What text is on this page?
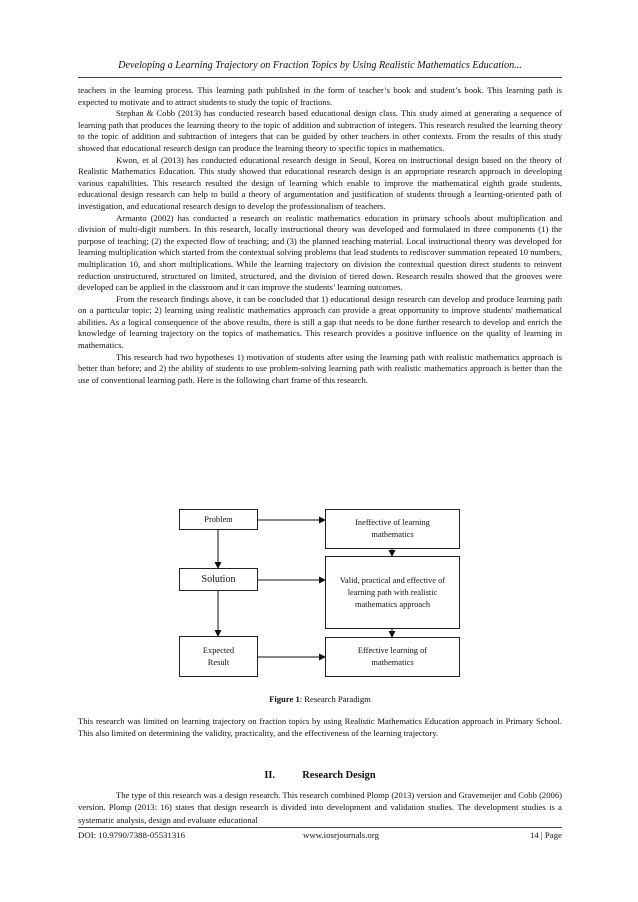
Developing a Learning Trajectory on Fraction Topics by Using Realistic Mathematics Education...

teachers in the learning process. This learning path published in the form of teacher’s book and student’s book. This learning path is expected to motivate and to attract students to study the topic of fractions.

Stephan & Cobb (2013) has conducted research based educational design class. This study aimed at generating a sequence of learning path that produces the learning theory to the topic of addition and subtraction of integers. This research resulted the learning theory to the topic of addition and subtraction of integers that can be guided by other teachers in other contexts. From the results of this study showed that educational research design can produce the learning theory to specific topics in mathematics.

Kwon, et al (2013) has conducted educational research design in Seoul, Korea on instructional design based on the theory of Realistic Mathematics Education. This study showed that educational research design is an appropriate research approach in developing various capabilities. This research resulted the design of learning which enable to improve the mathematical eighth grade students, educational design research can help to build a theory of argumentation and justification of students through a learning-oriented path of investigation, and educational research design to develop the professionalism of teachers.

Armanto (2002) has conducted a research on realistic mathematics education in primary schools about multiplication and division of multi-digit numbers. In this research, locally instructional theory was developed and formulated in three components (1) the purpose of teaching; (2) the expected flow of teaching; and (3) the planned teaching material. Local instructional theory was developed for learning multiplication which started from the contextual solving problems that lead students to rediscover summation repeated 10 numbers, multiplication 10, and short multiplications. While the learning trajectory on division the contextual question direct students to reinvent reduction unstructured, structured on limited, structured, and the division of tiered down. Research results showed that the grooves were developed can be applied in the classroom and it can improve the students’ learning outcomes.

From the research findings above, it can be concluded that 1) educational design research can develop and produce learning path on a particular topic; 2) learning using realistic mathematics approach can provide a great opportunity to improve students' mathematical abilities. As a logical consequence of the above results, there is still a gap that needs to be done further research to develop and enrich the knowledge of learning trajectory on the topics of mathematics. This research provides a positive influence on the quality of learning in mathematics.

This research had two hypotheses 1) motivation of students after using the learning path with realistic mathematics approach is better than before; and 2) the ability of students to use problem-solving learning path with realistic mathematics approach is better than the use of conventional learning path. Here is the following chart frame of this research.

Problem
Solution
Expected Result
Ineffective of learning mathematics
Valid, practical and effective of learning path with realistic mathematics approach
Effective learning of mathematics
Figure 1: Research Paradigm

This research was limited on learning trajectory on fraction topics by using Realistic Mathematics Education approach in Primary School. This also limited on determining the validity, practicality, and the effectiveness of the learning trajectory.

II.	Research Design

The type of this research was a design research. This research combined Plomp (2013) version and Gravemeijer and Cobb (2006) version. Plomp (2013: 16) states that design research is divided into development and validation studies. The development studies is a systematic analysis, design and evaluate educational

DOI: 10.9790/7388-05531316	www.iosrjournals.org	14 | Page
